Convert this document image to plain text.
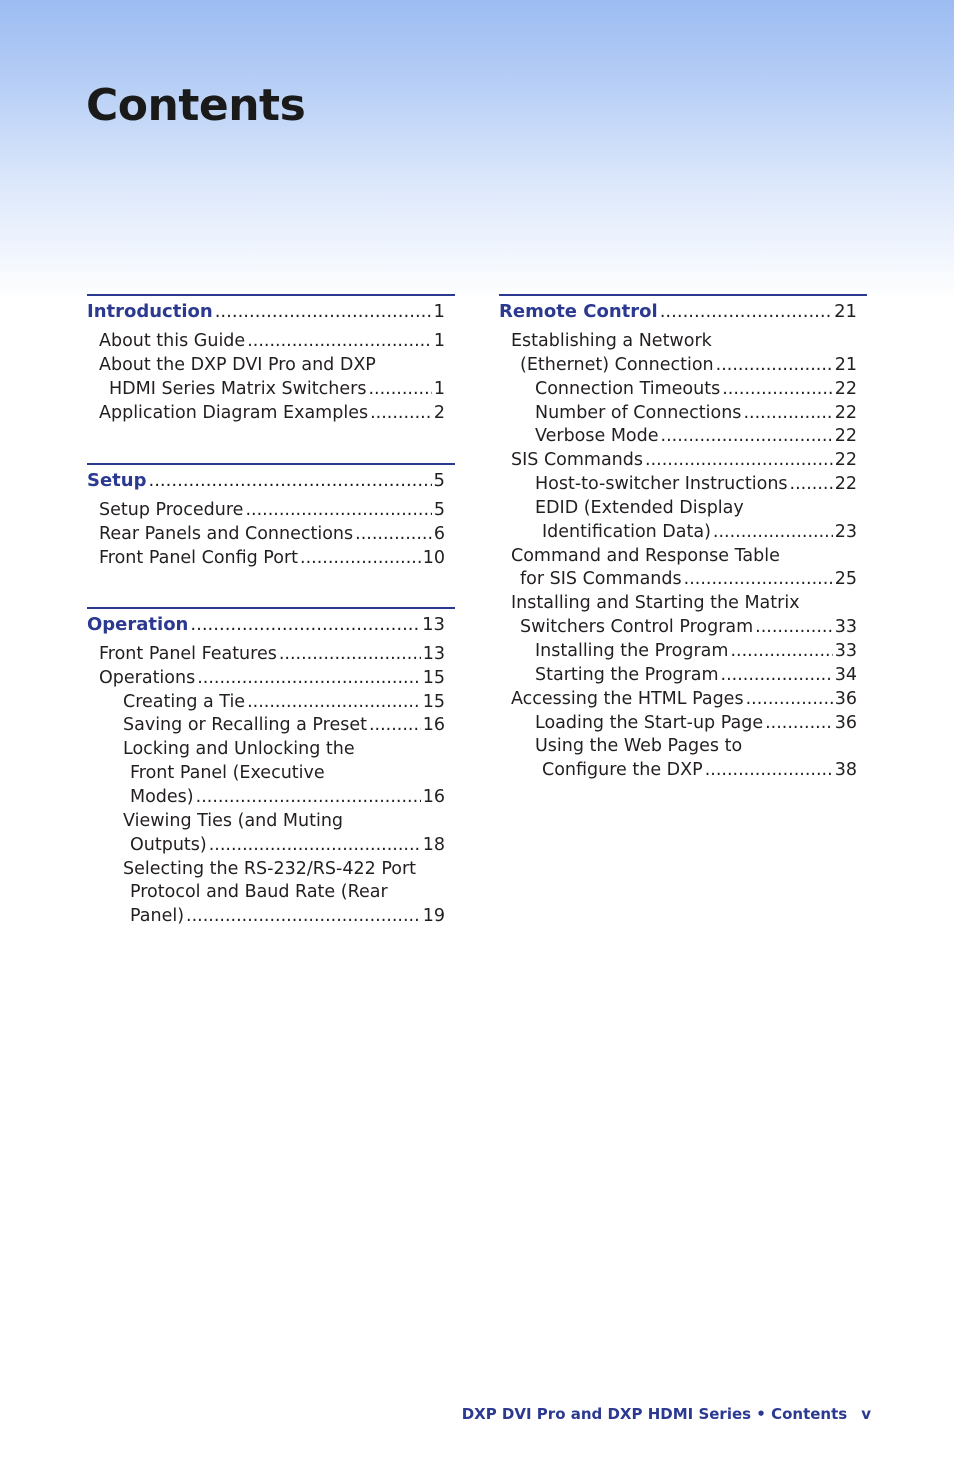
Contents
Introduction .....	1
About this Guide .....	1
About the DXP DVI Pro and DXP
HDMI Series Matrix Switchers .....	1
Application Diagram Examples .....	2
Setup .....	5
Setup Procedure .....	5
Rear Panels and Connections .....	6
Front Panel Config Port .....	10
Operation .....	13
Front Panel Features .....	13
Operations .....	15
Creating a Tie .....	15
Saving or Recalling a Preset .....	16
Locking and Unlocking the
Front Panel (Executive
Modes) .....	16
Viewing Ties (and Muting
Outputs) .....	18
Selecting the RS-232/RS-422 Port
Protocol and Baud Rate (Rear
Panel) .....	19
Remote Control .....	21
Establishing a Network
(Ethernet) Connection .....	21
Connection Timeouts .....	22
Number of Connections .....	22
Verbose Mode .....	22
SIS Commands .....	22
Host-to-switcher Instructions .....	22
EDID (Extended Display
Identification Data) .....	23
Command and Response Table
for SIS Commands .....	25
Installing and Starting the Matrix
Switchers Control Program .....	33
Installing the Program .....	33
Starting the Program .....	34
Accessing the HTML Pages .....	36
Loading the Start-up Page .....	36
Using the Web Pages to
Configure the DXP .....	38
DXP DVI Pro and DXP HDMI Series • Contents v
